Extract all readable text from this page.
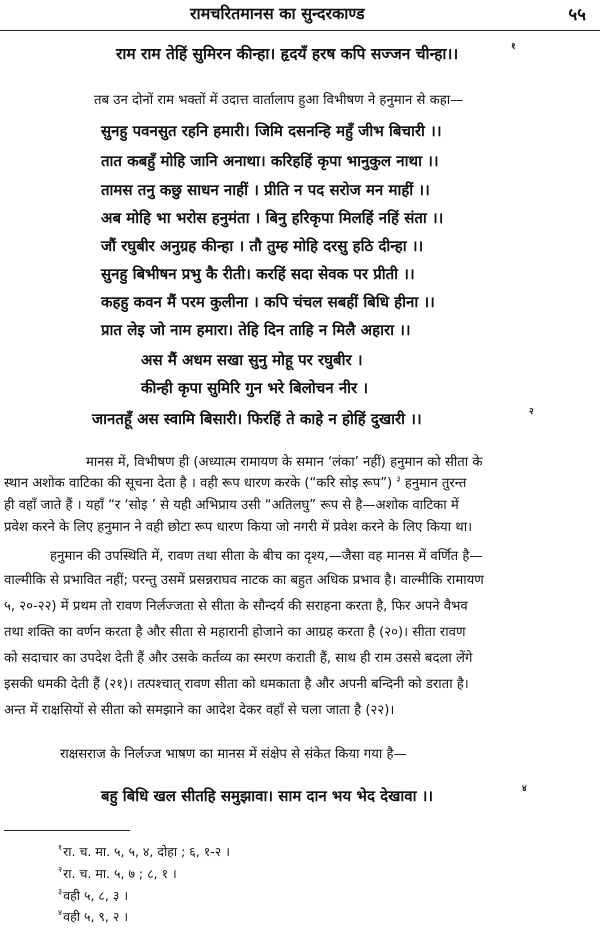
रामचरितमानस का सुन्दरकाण्ड	५५
राम राम तेहिं सुमिरन कीन्हा। हृदयँ हरष कपि सज्जन चीन्हा।।	१
तब उन दोनों राम भक्तों में उदात्त वार्तालाप हुआ विभीषण ने हनुमान से कहा—
सुनहु पवनसुत रहनि हमारी। जिमि दसनन्हि महुँ जीभ बिचारी ।।
तात कबहुँ मोहि जानि अनाथा। करिहहिं कृपा भानुकुल नाथा ।।
तामस तनु कछु साधन नाहीं । प्रीति न पद सरोज मन माहीं ।।
अब मोहि भा भरोस हनुमंता । बिनु हरिकृपा मिलहिं नहिं संता ।।
जौं रघुबीर अनुग्रह कीन्हा । तौ तुम्ह मोहि दरसु हठि दीन्हा ।।
सुनहु बिभीषन प्रभु कै रीती। करहिं सदा सेवक पर प्रीती ।।
कहहु कवन मैं परम कुलीना । कपि चंचल सबहीं बिधि हीना ।।
प्रात लेइ जो नाम हमारा। तेहि दिन ताहि न मिलै अहारा ।।
अस मैं अधम सखा सुनु मोहू पर रघुबीर ।
कीन्ही कृपा सुमिरि गुन भरे बिलोचन नीर ।
जानतहूँ अस स्वामि बिसारी। फिरहिं ते काहे न होहिं दुखारी ।।	२
मानस में, विभीषण ही (अध्यात्म रामायण के समान ‘लंका’ नहीं) हनुमान को सीता के
स्थान अशोक वाटिका की सूचना देता है । वही रूप धारण करके (“करि सोइ रूप”) $^३$ हनुमान तुरन्त
ही वहाँ जाते हैं । यहाँ “र ‘सोइ ’ से यही अभिप्राय उसी “अतिलघु” रूप से है—अशोक वाटिका में
प्रवेश करने के लिए हनुमान ने वही छोटा रूप धारण किया जो नगरी में प्रवेश करने के लिए किया था।
हनुमान की उपस्थिति में, रावण तथा सीता के बीच का दृश्य,—जैसा वह मानस में वर्णित है—
वाल्मीकि से प्रभावित नहीं; परन्तु उसमें प्रसन्नराघव नाटक का बहुत अधिक प्रभाव है। वाल्मीकि रामायण
५, २०-२२) में प्रथम तो रावण निर्लज्जता से सीता के सौन्दर्य की सराहना करता है, फिर अपने वैभव
तथा शक्ति का वर्णन करता है और सीता से महारानी होजाने का आग्रह करता है (२०)। सीता रावण
को सदाचार का उपदेश देती हैं और उसके कर्तव्य का स्मरण कराती हैं, साथ ही राम उससे बदला लेंगे
इसकी धमकी देती हैं (२१)। तत्पश्चात् रावण सीता को धमकाता है और अपनी बन्दिनी को डराता है।
अन्त में राक्षसियों से सीता को समझाने का आदेश देकर वहाँ से चला जाता है (२२)।
राक्षसराज के निर्लज्ज भाषण का मानस में संक्षेप से संकेत किया गया है—
बहु बिधि खल सीतहि समुझावा। साम दान भय भेद देखावा ।।	४
$^१$रा. च. मा. ५, ५, ४, दोहा ; ६, १-२ ।
$^२$रा. च. मा. ५, ७ ; ८, १ ।
$^३$वही ५, ८, ३ ।
$^४$वही ५, ९, २ ।
